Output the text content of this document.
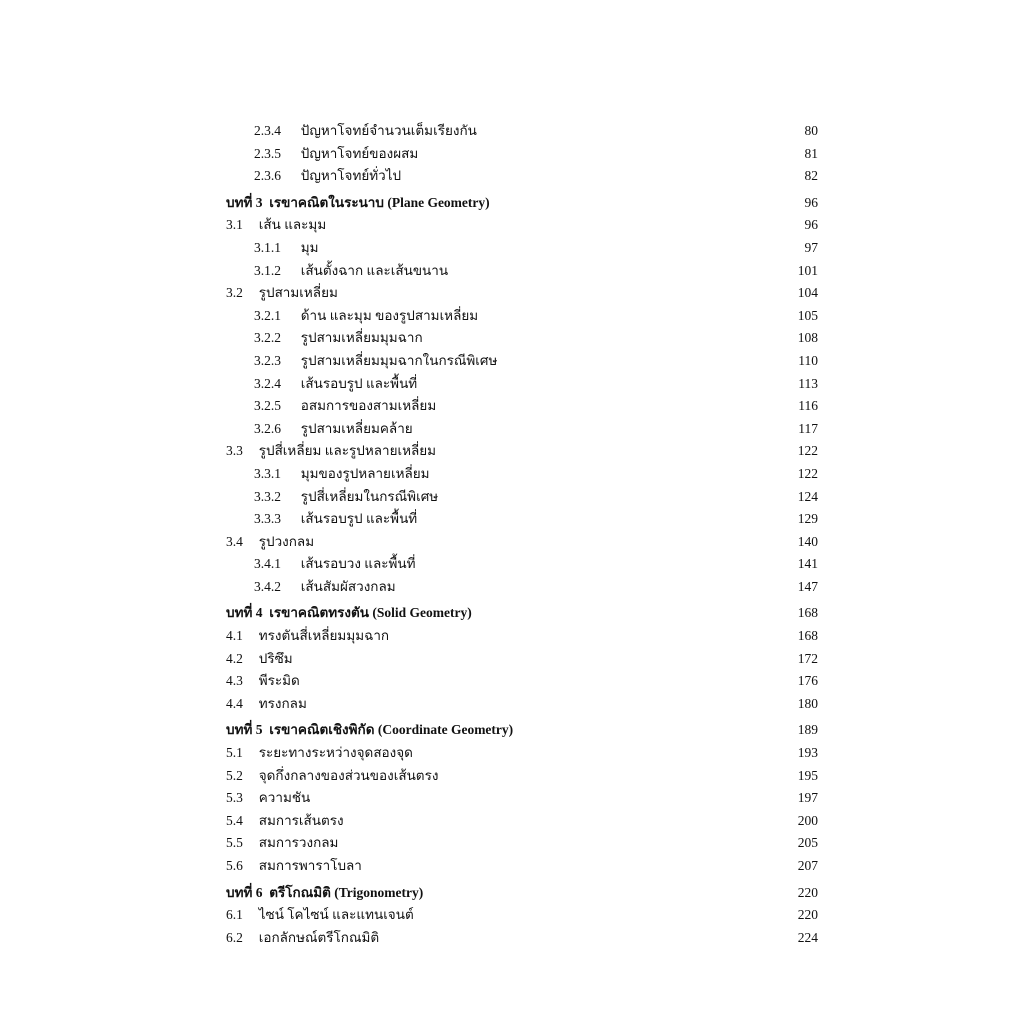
2.3.4 ปัญหาโจทย์จำนวนเต็มเรียงกัน	80
2.3.5 ปัญหาโจทย์ของผสม	81
2.3.6 ปัญหาโจทย์ทั่วไป	82
บทที่ 3 เรขาคณิตในระนาบ (Plane Geometry)	96
3.1 เส้น และมุม	96
3.1.1 มุม	97
3.1.2 เส้นตั้งฉาก และเส้นขนาน	101
3.2 รูปสามเหลี่ยม	104
3.2.1 ด้าน และมุม ของรูปสามเหลี่ยม	105
3.2.2 รูปสามเหลี่ยมมุมฉาก	108
3.2.3 รูปสามเหลี่ยมมุมฉากในกรณีพิเศษ	110
3.2.4 เส้นรอบรูป และพื้นที่	113
3.2.5 อสมการของสามเหลี่ยม	116
3.2.6 รูปสามเหลี่ยมคล้าย	117
3.3 รูปสี่เหลี่ยม และรูปหลายเหลี่ยม	122
3.3.1 มุมของรูปหลายเหลี่ยม	122
3.3.2 รูปสี่เหลี่ยมในกรณีพิเศษ	124
3.3.3 เส้นรอบรูป และพื้นที่	129
3.4 รูปวงกลม	140
3.4.1 เส้นรอบวง และพื้นที่	141
3.4.2 เส้นสัมผัสวงกลม	147
บทที่ 4 เรขาคณิตทรงตัน (Solid Geometry)	168
4.1 ทรงตันสี่เหลี่ยมมุมฉาก	168
4.2 ปริซึม	172
4.3 พีระมิด	176
4.4 ทรงกลม	180
บทที่ 5 เรขาคณิตเชิงพิกัด (Coordinate Geometry)	189
5.1 ระยะทางระหว่างจุดสองจุด	193
5.2 จุดกึ่งกลางของส่วนของเส้นตรง	195
5.3 ความชัน	197
5.4 สมการเส้นตรง	200
5.5 สมการวงกลม	205
5.6 สมการพาราโบลา	207
บทที่ 6 ตรีโกณมิติ (Trigonometry)	220
6.1 ไซน์ โคไซน์ และแทนเจนต์	220
6.2 เอกลักษณ์ตรีโกณมิติ	224
